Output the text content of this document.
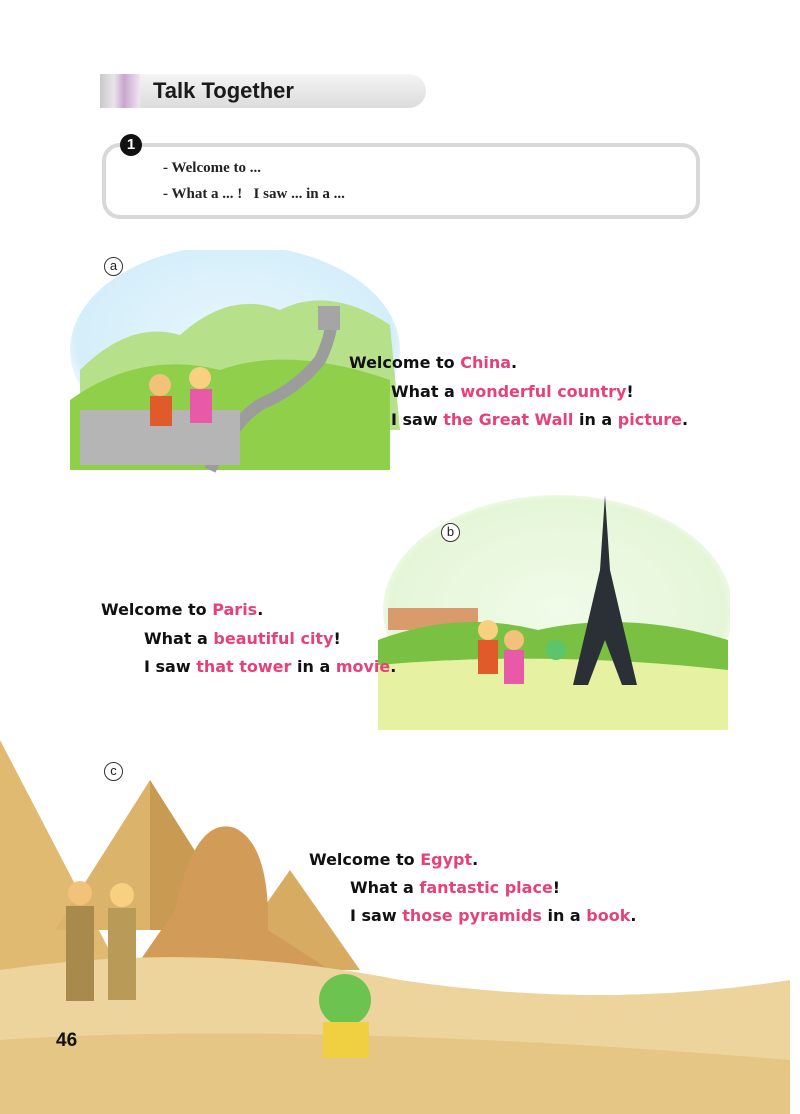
Talk Together
1
- Welcome to ...
- What a ... !   I saw ... in a ...
a
Welcome to China.
What a wonderful country!
I saw the Great Wall in a picture.
b
Welcome to Paris.
What a beautiful city!
I saw that tower in a movie.
c
Welcome to Egypt.
What a fantastic place!
I saw those pyramids in a book.
46
